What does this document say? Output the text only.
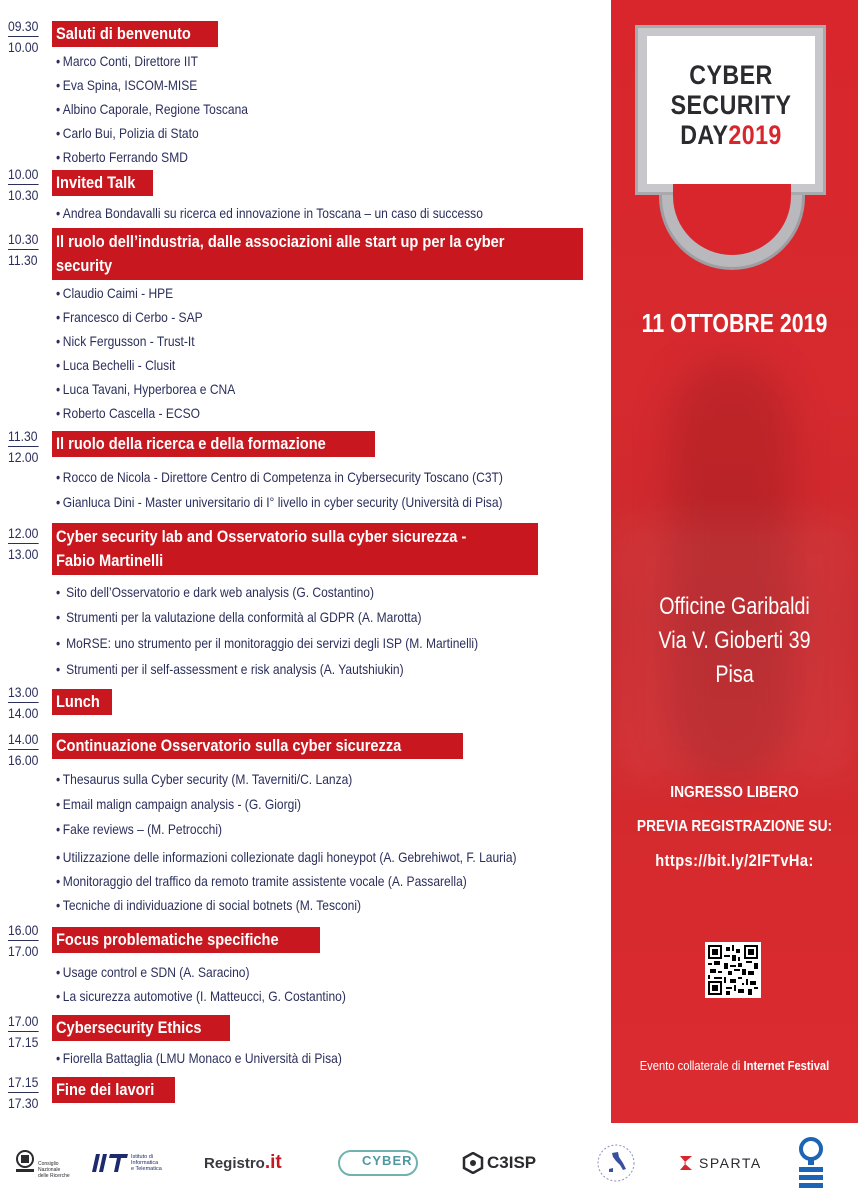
CYBER
SECURITY
DAY2019
11 OTTOBRE 2019
Officine Garibaldi
Via V. Gioberti 39
Pisa
INGRESSO LIBERO
PREVIA REGISTRAZIONE SU:
https://bit.ly/2lFTvHa:
Evento collaterale di Internet Festival
09.30
10.00
Saluti di benvenuto
• Marco Conti, Direttore IIT
• Eva Spina, ISCOM-MISE
• Albino Caporale, Regione Toscana
• Carlo Bui, Polizia di Stato
• Roberto Ferrando SMD
10.00
10.30
Invited Talk
• Andrea Bondavalli su ricerca ed innovazione in Toscana – un caso di successo
10.30
11.30
Il ruolo dell’industria, dalle associazioni alle start up per la cyber
security
• Claudio Caimi - HPE
• Francesco di Cerbo - SAP
• Nick Fergusson - Trust-It
• Luca Bechelli - Clusit
• Luca Tavani, Hyperborea e CNA
• Roberto Cascella - ECSO
11.30
12.00
Il ruolo della ricerca e della formazione
• Rocco de Nicola - Direttore Centro di Competenza in Cybersecurity Toscano (C3T)
• Gianluca Dini - Master universitario di I° livello in cyber security (Università di Pisa)
12.00
13.00
Cyber security lab and Osservatorio sulla cyber sicurezza -
Fabio Martinelli
• Sito dell’Osservatorio e dark web analysis (G. Costantino)
• Strumenti per la valutazione della conformità al GDPR (A. Marotta)
• MoRSE: uno strumento per il monitoraggio dei servizi degli ISP (M. Martinelli)
• Strumenti per il self-assessment e risk analysis (A. Yautshiukin)
13.00
14.00
Lunch
14.00
16.00
Continuazione Osservatorio sulla cyber sicurezza
• Thesaurus sulla Cyber security (M. Taverniti/C. Lanza)
• Email malign campaign analysis - (G. Giorgi)
• Fake reviews – (M. Petrocchi)
• Utilizzazione delle informazioni collezionate dagli honeypot (A. Gebrehiwot, F. Lauria)
• Monitoraggio del traffico da remoto tramite assistente vocale (A. Passarella)
• Tecniche di individuazione di social botnets (M. Tesconi)
16.00
17.00
Focus problematiche specifiche
• Usage control e SDN (A. Saracino)
• La sicurezza automotive (I. Matteucci, G. Costantino)
17.00
17.15
Cybersecurity Ethics
• Fiorella Battaglia (LMU Monaco e Università di Pisa)
17.15
17.30
Fine dei lavori
Consiglio Nazionale delle Ricerche
Istituto di
Informatica
e Telematica	Registro .it	CYBER	C3ISP	SPARTA
